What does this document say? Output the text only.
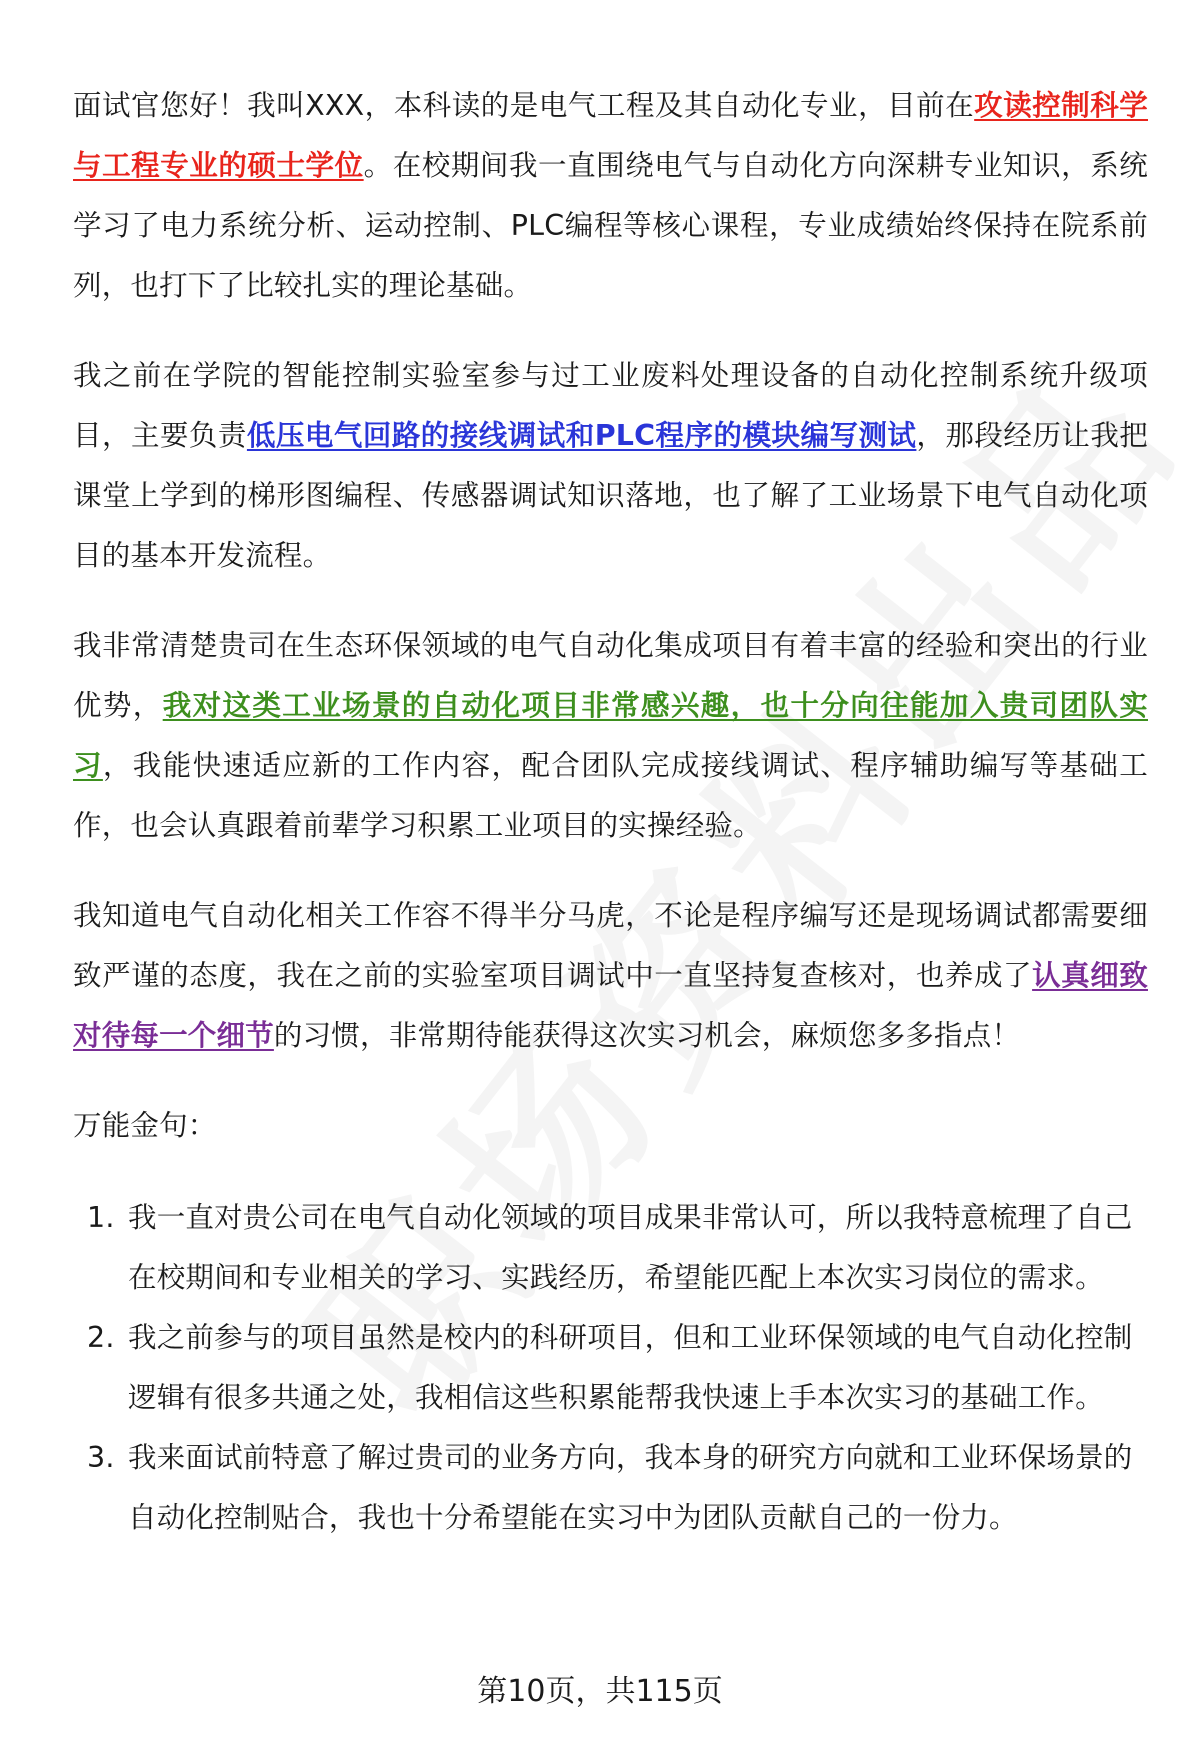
面试官您好！我叫XXX，本科读的是电气工程及其自动化专业，目前在攻读控制科学与工程专业的硕士学位。在校期间我一直围绕电气与自动化方向深耕专业知识，系统学习了电力系统分析、运动控制、PLC编程等核心课程，专业成绩始终保持在院系前列，也打下了比较扎实的理论基础。

我之前在学院的智能控制实验室参与过工业废料处理设备的自动化控制系统升级项目，主要负责低压电气回路的接线调试和PLC程序的模块编写测试，那段经历让我把课堂上学到的梯形图编程、传感器调试知识落地，也了解了工业场景下电气自动化项目的基本开发流程。

我非常清楚贵司在生态环保领域的电气自动化集成项目有着丰富的经验和突出的行业优势，我对这类工业场景的自动化项目非常感兴趣，也十分向往能加入贵司团队实习，我能快速适应新的工作内容，配合团队完成接线调试、程序辅助编写等基础工作，也会认真跟着前辈学习积累工业项目的实操经验。

我知道电气自动化相关工作容不得半分马虎，不论是程序编写还是现场调试都需要细致严谨的态度，我在之前的实验室项目调试中一直坚持复查核对，也养成了认真细致对待每一个细节的习惯，非常期待能获得这次实习机会，麻烦您多多指点！

万能金句：

1. 我一直对贵公司在电气自动化领域的项目成果非常认可，所以我特意梳理了自己在校期间和专业相关的学习、实践经历，希望能匹配上本次实习岗位的需求。
2. 我之前参与的项目虽然是校内的科研项目，但和工业环保领域的电气自动化控制逻辑有很多共通之处，我相信这些积累能帮我快速上手本次实习的基础工作。
3. 我来面试前特意了解过贵司的业务方向，我本身的研究方向就和工业环保场景的自动化控制贴合，我也十分希望能在实习中为团队贡献自己的一份力。
第10页，共115页
